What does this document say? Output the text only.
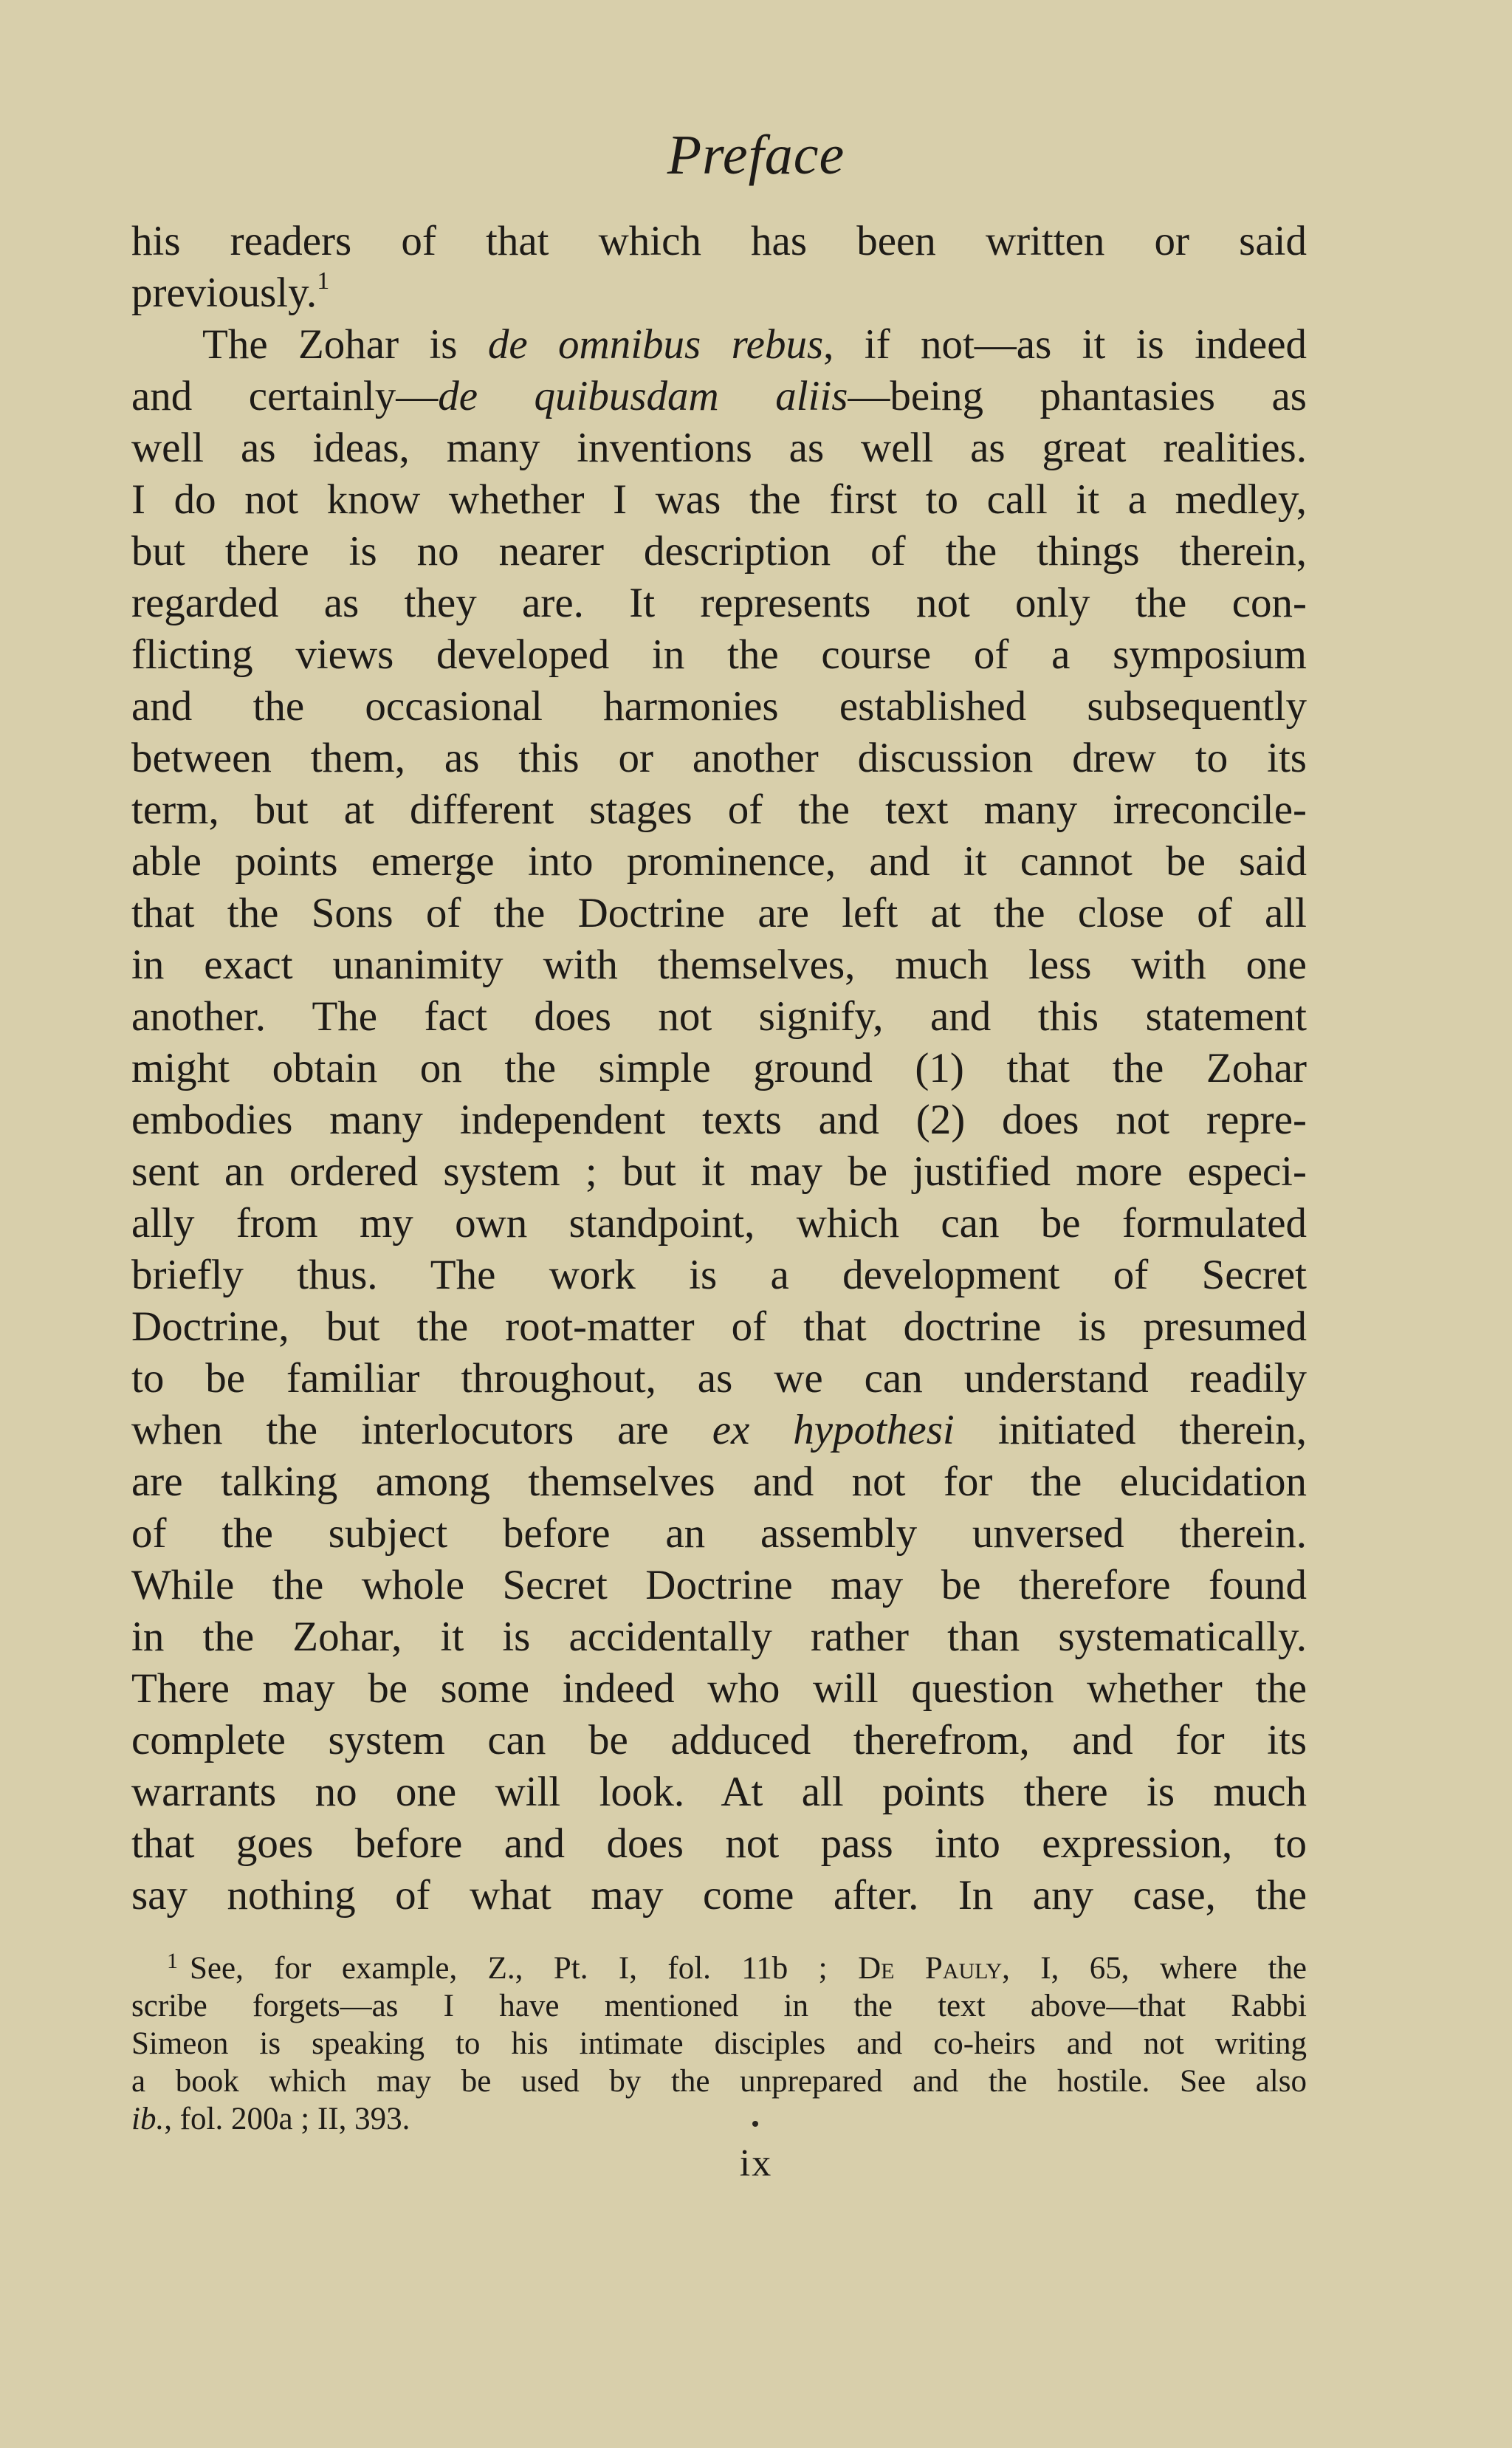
Preface
his readers of that which has been written or said
previously.$^1$
The Zohar is de omnibus rebus, if not—as it is indeed
and certainly—de quibusdam aliis—being phantasies as
well as ideas, many inventions as well as great realities.
I do not know whether I was the first to call it a medley,
but there is no nearer description of the things therein,
regarded as they are. It represents not only the con-
flicting views developed in the course of a symposium
and the occasional harmonies established subsequently
between them, as this or another discussion drew to its
term, but at different stages of the text many irreconcile-
able points emerge into prominence, and it cannot be said
that the Sons of the Doctrine are left at the close of all
in exact unanimity with themselves, much less with one
another. The fact does not signify, and this statement
might obtain on the simple ground (1) that the Zohar
embodies many independent texts and (2) does not repre-
sent an ordered system ; but it may be justified more especi-
ally from my own standpoint, which can be formulated
briefly thus. The work is a development of Secret
Doctrine, but the root-matter of that doctrine is presumed
to be familiar throughout, as we can understand readily
when the interlocutors are ex hypothesi initiated therein,
are talking among themselves and not for the elucidation
of the subject before an assembly unversed therein.
While the whole Secret Doctrine may be therefore found
in the Zohar, it is accidentally rather than systematically.
There may be some indeed who will question whether the
complete system can be adduced therefrom, and for its
warrants no one will look. At all points there is much
that goes before and does not pass into expression, to
say nothing of what may come after. In any case, the
$^1$ See, for example, Z., Pt. I, fol. 11b ; De Pauly, I, 65, where the
scribe forgets—as I have mentioned in the text above—that Rabbi
Simeon is speaking to his intimate disciples and co-heirs and not writing
a book which may be used by the unprepared and the hostile. See also
ib., fol. 200a ; II, 393.
ix
